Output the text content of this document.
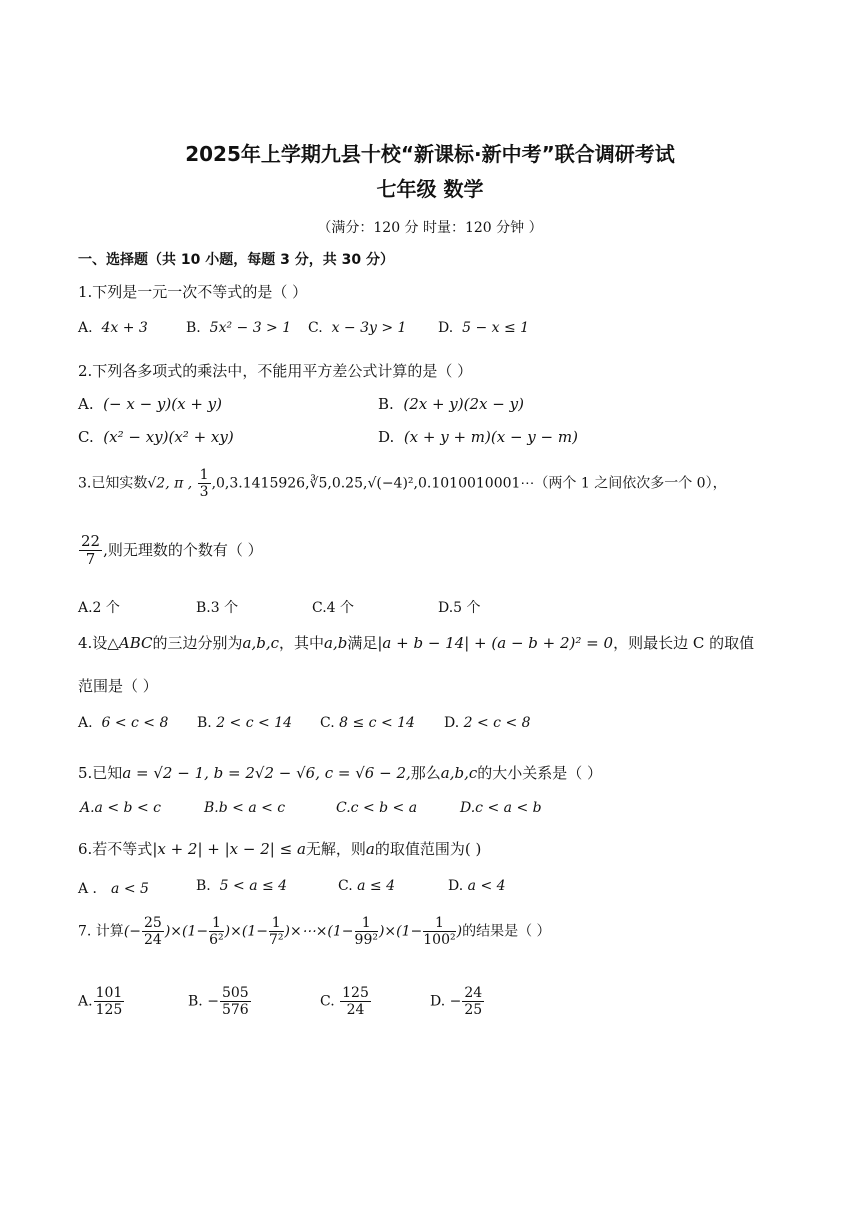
2025年上学期九县十校“新课标·新中考”联合调研考试
七年级 数学
（满分：120 分 时量：120 分钟 ）
一、选择题（共 10 小题，每题 3 分，共 30 分）
1.下列是一元一次不等式的是（ ）
A. 4x + 3	B. 5x² − 3 > 1 C. x − 3y > 1 D. 5 − x ≤ 1
2.下列各多项式的乘法中，不能用平方差公式计算的是（ ）
A. (− x − y)(x + y)	B. (2x + y)(2x − y)
C. (x² − xy)(x² + xy)	D. (x + y + m)(x − y − m)
3.已知实数√2, π , $\frac{1}{3}$ ,0,3.1415926,∛5,0.2̇5̇,√(−4)²,0.1010010001⋯（两个 1 之间依次多一个 0），
$\frac{22}{7}$ ,则无理数的个数有（ ）
A.2 个	B.3 个	C.4 个	D.5 个
4.设△ABC的三边分别为a,b,c，其中a,b满足|a + b − 14| + (a − b + 2)² = 0，则最长边 C 的取值
范围是（ ）
A. 6 < c < 8 B. 2 < c < 14 C. 8 ≤ c < 14 D. 2 < c < 8
5.已知a = √2 − 1, b = 2√2 − √6, c = √6 − 2,那么a,b,c的大小关系是（ ）
A.a < b < c	B.b < a < c	C.c < b < a	D.c < a < b
6.若不等式|x + 2| + |x − 2| ≤ a无解，则a的取值范围为( )
A ． a < 5	B. 5 < a ≤ 4	C. a ≤ 4	D. a < 4
7. 计算(− $\frac{25}{24} )\times(1- \frac{1}{\text{6²}} )\times(1- \frac{1}{\text{7²}}$ )×⋯×(1− $\frac{1}{\text{99²}} )\times(1- \frac{1}{\text{100²}}$ )的结果是（ ）
A. $\frac{101}{125}$	B. − $\frac{505}{576}$	C. $\frac{125}{24}$	D. − $\frac{24}{25}$
